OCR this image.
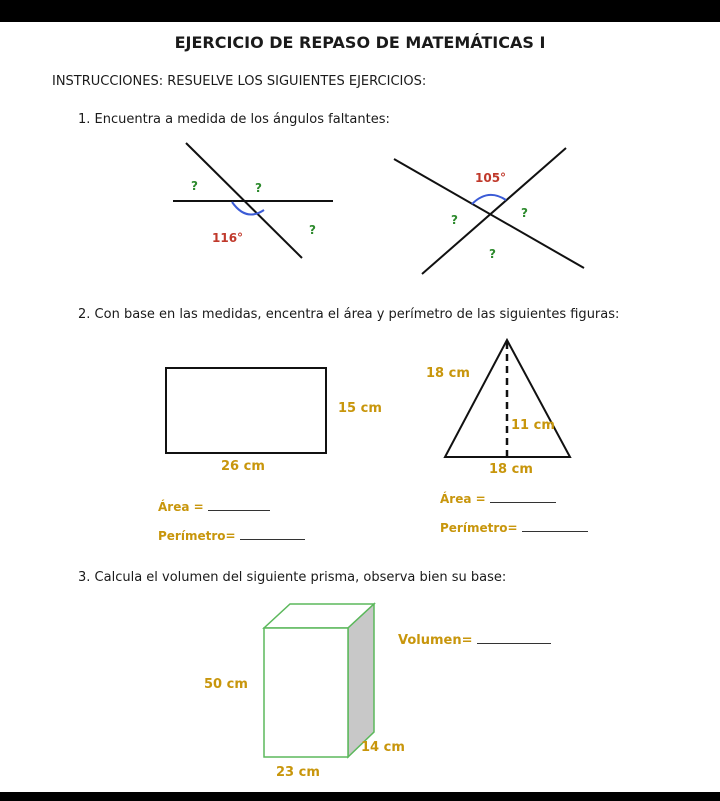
EJERCICIO DE REPASO DE MATEMÁTICAS I
INSTRUCCIONES: RESUELVE LOS SIGUIENTES EJERCICIOS:
1. Encuentra a medida de los ángulos faltantes:
?	?
?
116°
105°
?
?
?
2. Con base en las medidas, encentra el área y perímetro de las siguientes figuras:
15 cm
26 cm
18 cm
11 cm
18 cm
Área =
Perímetro=
Área =
Perímetro=
3. Calcula el volumen del siguiente prisma, observa bien su base:
Volumen=
50 cm
14 cm
23 cm
